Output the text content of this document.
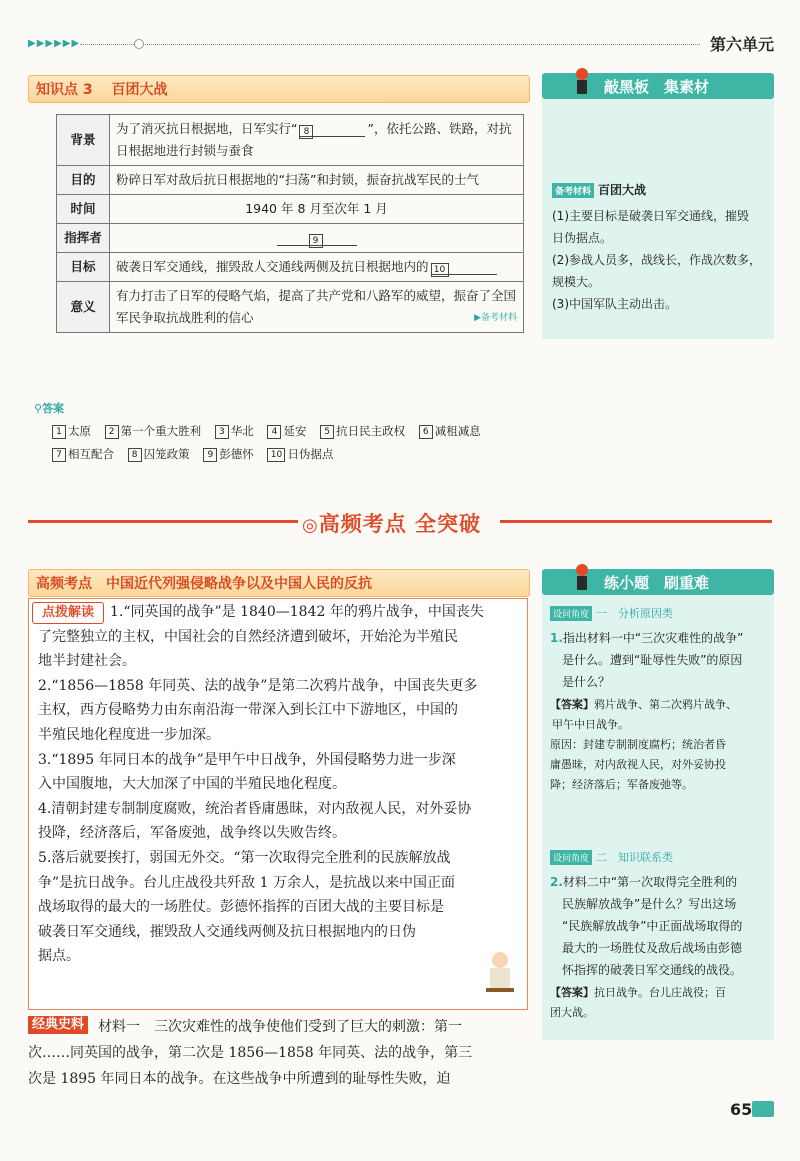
▶▶▶▶▶▶	第六单元
知识点 3 百团大战
背景	为了消灭抗日根据地，日军实行“ 8 ”，依托公路、铁路，对抗日根据地进行封锁与蚕食
目的	粉碎日军对敌后抗日根据地的“扫荡”和封锁，振奋抗战军民的士气
时间	1940 年 8 月至次年 1 月
指挥者	9
目标	破袭日军交通线，摧毁敌人交通线两侧及抗日根据地内的 10
意义	有力打击了日军的侵略气焰，提高了共产党和八路军的威望，振奋了全国军民争取抗战胜利的信心 ▶备考材料
⚲答案
1 太原 2 第一个重大胜利 3 华北 4 延安 5 抗日民主政权 6 减租减息
7 相互配合 8 囚笼政策 9 彭德怀 10 日伪据点
敲黑板　集素材
备考材料 百团大战
(1)主要目标是破袭日军交通线，摧毁
日伪据点。
(2)参战人员多，战线长，作战次数多，
规模大。
(3)中国军队主动出击。
◎高频考点 全突破
高频考点　中国近代列强侵略战争以及中国人民的反抗

1.“同英国的战争”是 1840—1842 年的鸦片战争，中国丧失

了完整独立的主权，中国社会的自然经济遭到破坏，开始沦为半殖民

地半封建社会。

2.“1856—1858 年同英、法的战争”是第二次鸦片战争，中国丧失更多

主权，西方侵略势力由东南沿海一带深入到长江中下游地区，中国的

半殖民地化程度进一步加深。

3.“1895 年同日本的战争”是甲午中日战争，外国侵略势力进一步深

入中国腹地，大大加深了中国的半殖民地化程度。

4.清朝封建专制制度腐败，统治者昏庸愚昧，对内敌视人民，对外妥协

投降，经济落后，军备废弛，战争终以失败告终。

5.落后就要挨打，弱国无外交。“第一次取得完全胜利的民族解放战

争”是抗日战争。台儿庄战役共歼敌 1 万余人，是抗战以来中国正面

战场取得的最大的一场胜仗。彭德怀指挥的百团大战的主要目标是

破袭日军交通线，摧毁敌人交通线两侧及抗日根据地内的日伪

据点。

点拨解读
材料一　三次灾难性的战争使他们受到了巨大的刺激：第一
次……同英国的战争，第二次是 1856—1858 年同英、法的战争，第三
次是 1895 年同日本的战争。在这些战争中所遭到的耻辱性失败，迫
经典史料
练小题　刷重难
设问角度 一　分析原因类
1.指出材料一中“三次灾难性的战争”
是什么。遭到“耻辱性失败”的原因
是什么？
【答案】鸦片战争、第二次鸦片战争、
甲午中日战争。
原因：封建专制制度腐朽；统治者昏
庸愚昧，对内敌视人民，对外妥协投
降；经济落后；军备废弛等。
设问角度 二　知识联系类
2.材料二中“第一次取得完全胜利的
民族解放战争”是什么？写出这场
“民族解放战争”中正面战场取得的
最大的一场胜仗及敌后战场由彭德
怀指挥的破袭日军交通线的战役。
【答案】抗日战争。台儿庄战役；百
团大战。
65
